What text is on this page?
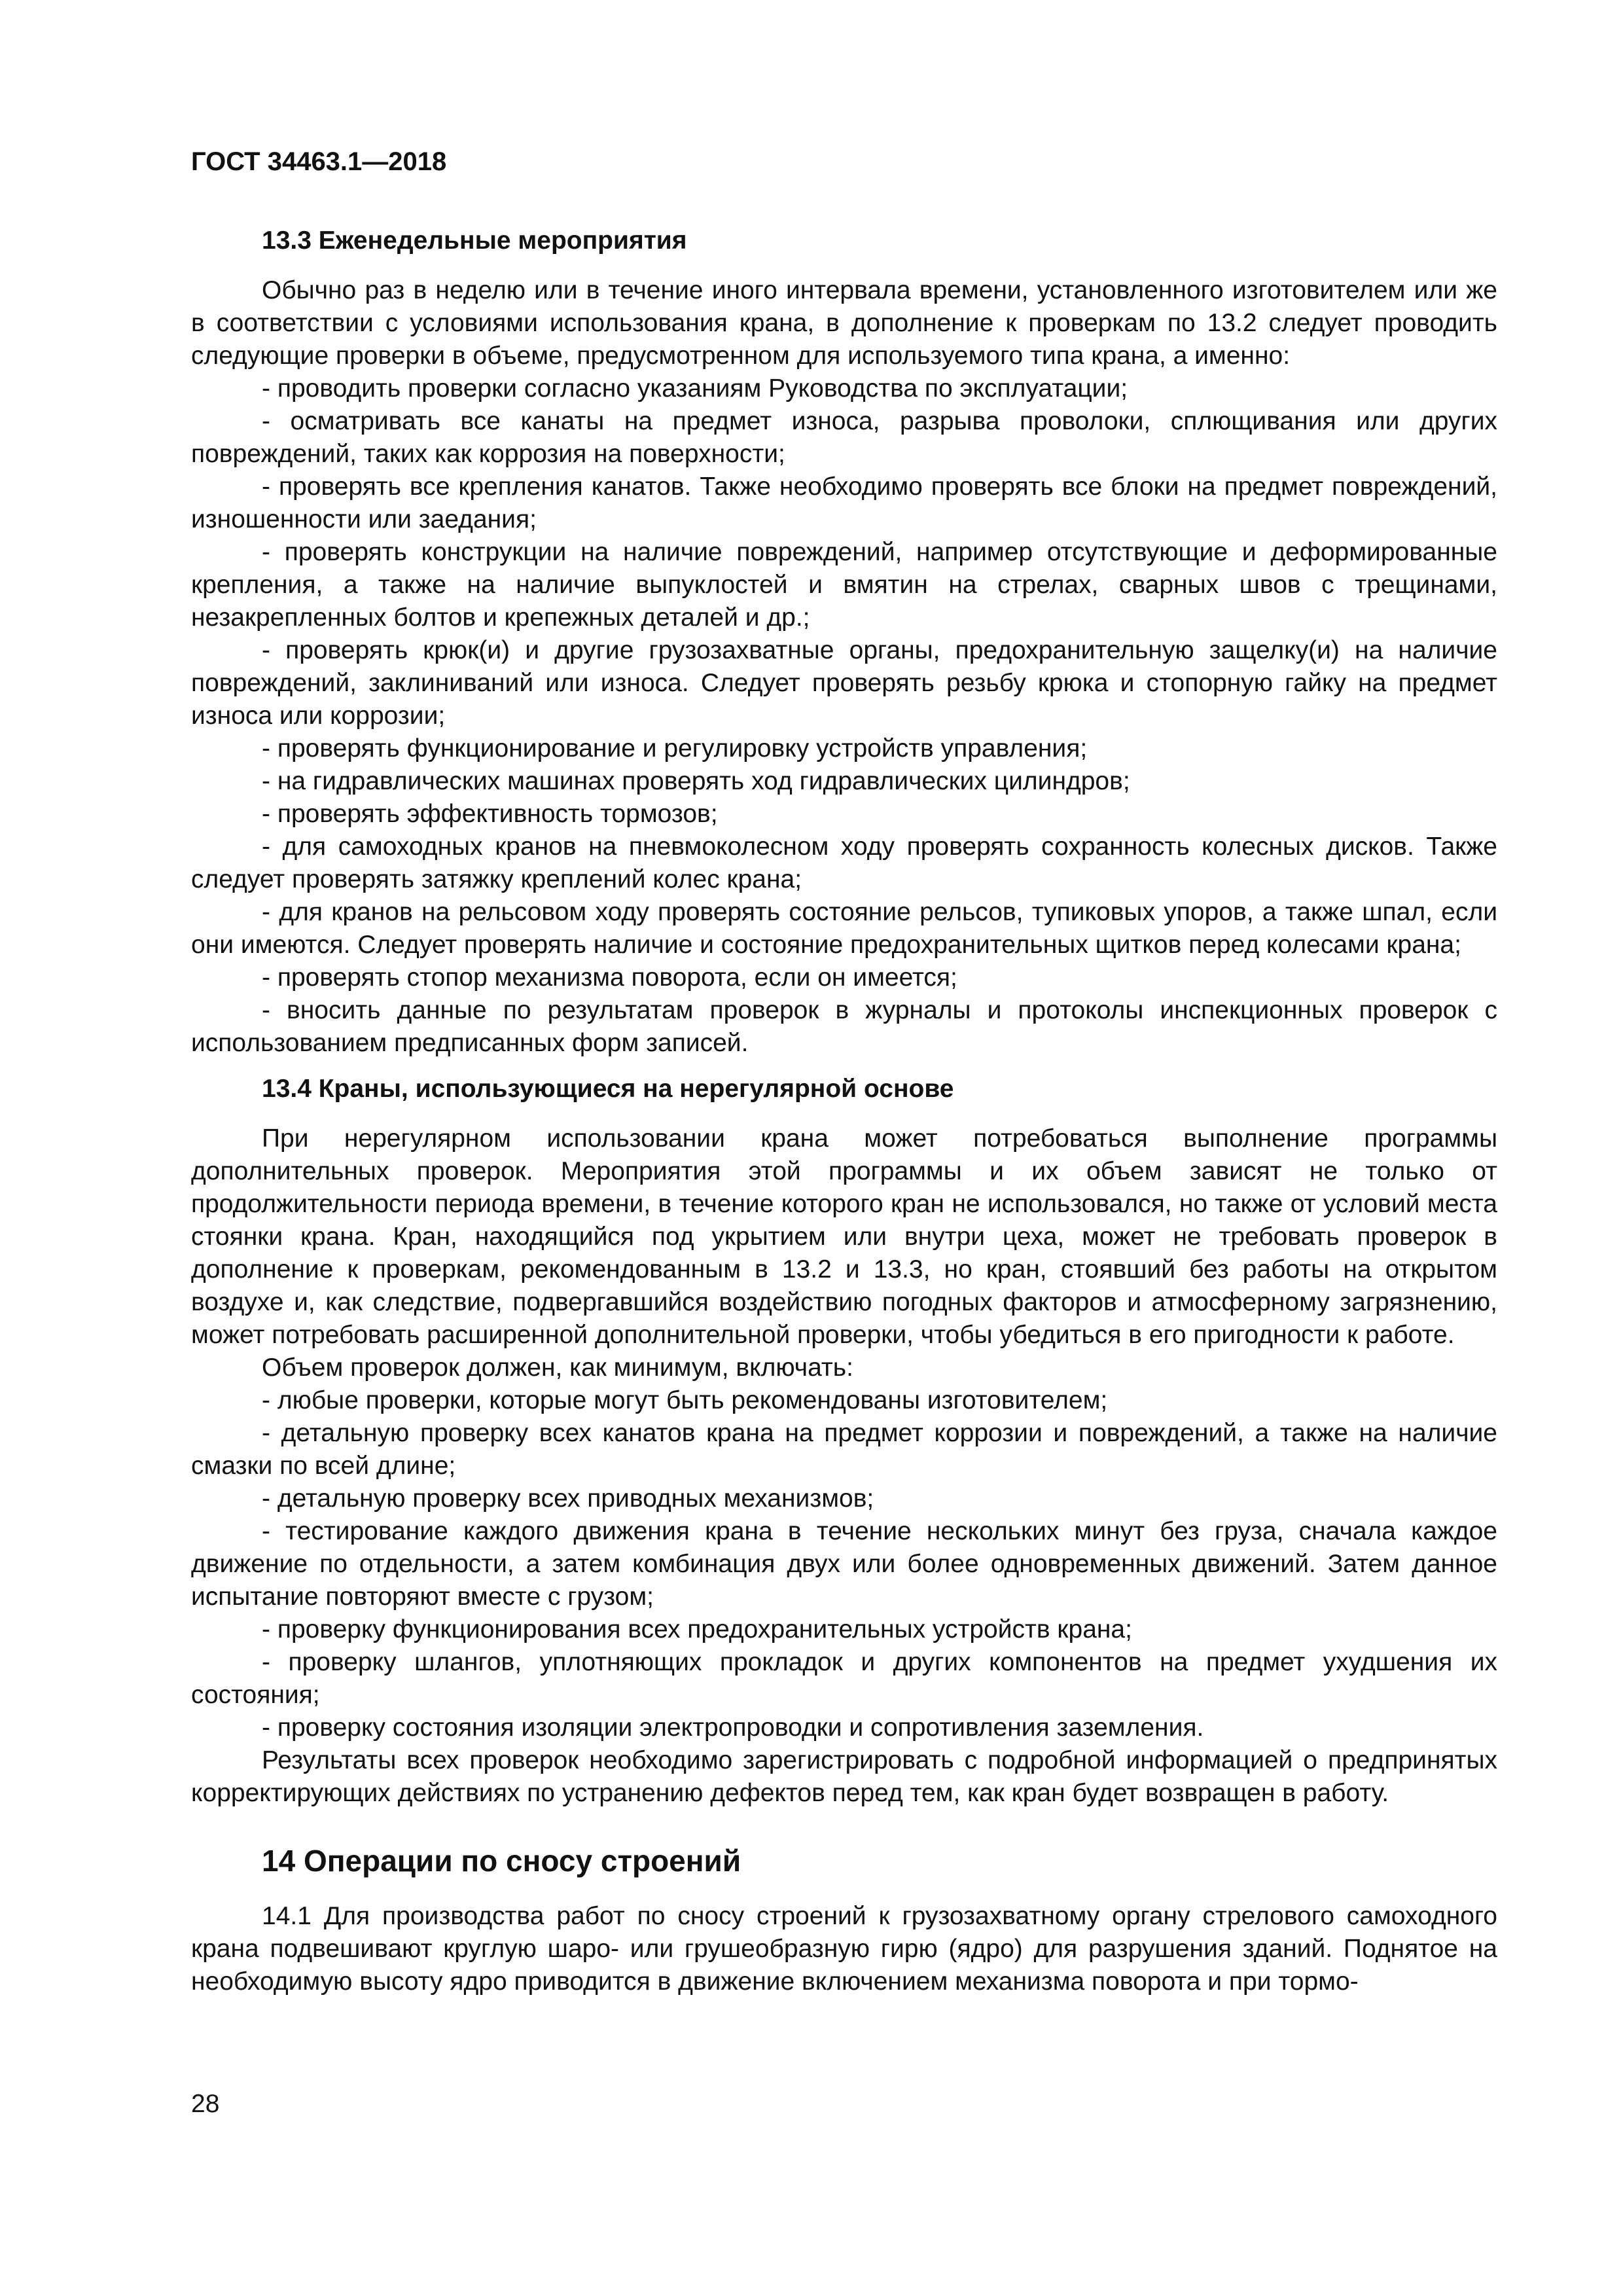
ГОСТ 34463.1—2018
13.3 Еженедельные мероприятия

Обычно раз в неделю или в течение иного интервала времени, установленного изготовителем или же в соответствии с условиями использования крана, в дополнение к проверкам по 13.2 следует проводить следующие проверки в объеме, предусмотренном для используемого типа крана, а именно:

- проводить проверки согласно указаниям Руководства по эксплуатации;

- осматривать все канаты на предмет износа, разрыва проволоки, сплющивания или других повреждений, таких как коррозия на поверхности;

- проверять все крепления канатов. Также необходимо проверять все блоки на предмет повреждений, изношенности или заедания;

- проверять конструкции на наличие повреждений, например отсутствующие и деформированные крепления, а также на наличие выпуклостей и вмятин на стрелах, сварных швов с трещинами, незакрепленных болтов и крепежных деталей и др.;

- проверять крюк(и) и другие грузозахватные органы, предохранительную защелку(и) на наличие повреждений, заклиниваний или износа. Следует проверять резьбу крюка и стопорную гайку на предмет износа или коррозии;

- проверять функционирование и регулировку устройств управления;

- на гидравлических машинах проверять ход гидравлических цилиндров;

- проверять эффективность тормозов;

- для самоходных кранов на пневмоколесном ходу проверять сохранность колесных дисков. Также следует проверять затяжку креплений колес крана;

- для кранов на рельсовом ходу проверять состояние рельсов, тупиковых упоров, а также шпал, если они имеются. Следует проверять наличие и состояние предохранительных щитков перед колесами крана;

- проверять стопор механизма поворота, если он имеется;

- вносить данные по результатам проверок в журналы и протоколы инспекционных проверок с использованием предписанных форм записей.

13.4 Краны, использующиеся на нерегулярной основе

При нерегулярном использовании крана может потребоваться выполнение программы дополнительных проверок. Мероприятия этой программы и их объем зависят не только от продолжительности периода времени, в течение которого кран не использовался, но также от условий места стоянки крана. Кран, находящийся под укрытием или внутри цеха, может не требовать проверок в дополнение к проверкам, рекомендованным в 13.2 и 13.3, но кран, стоявший без работы на открытом воздухе и, как следствие, подвергавшийся воздействию погодных факторов и атмосферному загрязнению, может потребовать расширенной дополнительной проверки, чтобы убедиться в его пригодности к работе.

Объем проверок должен, как минимум, включать:

- любые проверки, которые могут быть рекомендованы изготовителем;

- детальную проверку всех канатов крана на предмет коррозии и повреждений, а также на наличие смазки по всей длине;

- детальную проверку всех приводных механизмов;

- тестирование каждого движения крана в течение нескольких минут без груза, сначала каждое движение по отдельности, а затем комбинация двух или более одновременных движений. Затем данное испытание повторяют вместе с грузом;

- проверку функционирования всех предохранительных устройств крана;

- проверку шлангов, уплотняющих прокладок и других компонентов на предмет ухудшения их состояния;

- проверку состояния изоляции электропроводки и сопротивления заземления.

Результаты всех проверок необходимо зарегистрировать с подробной информацией о предпринятых корректирующих действиях по устранению дефектов перед тем, как кран будет возвращен в работу.

14 Операции по сносу строений

14.1 Для производства работ по сносу строений к грузозахватному органу стрелового самоходного крана подвешивают круглую шаро- или грушеобразную гирю (ядро) для разрушения зданий. Поднятое на необходимую высоту ядро приводится в движение включением механизма поворота и при тормо-

28
